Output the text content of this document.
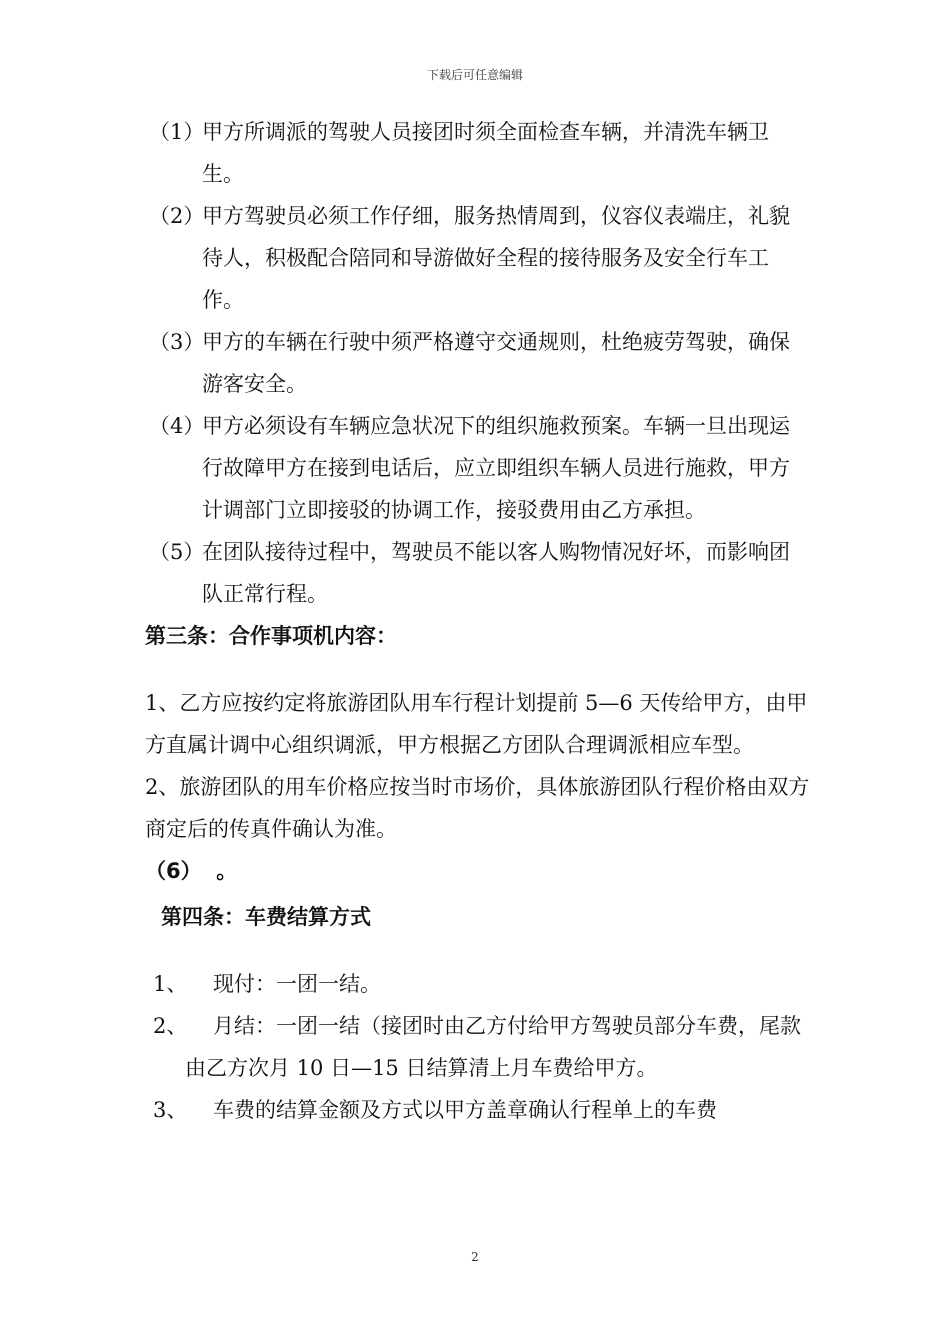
下载后可任意编辑
（1）
甲方所调派的驾驶人员接团时须全面检查车辆，并清洗车辆卫生。
（2）
甲方驾驶员必须工作仔细，服务热情周到，仪容仪表端庄，礼貌待人，积极配合陪同和导游做好全程的接待服务及安全行车工作。
（3）
甲方的车辆在行驶中须严格遵守交通规则，杜绝疲劳驾驶，确保游客安全。
（4）
甲方必须设有车辆应急状况下的组织施救预案。车辆一旦出现运行故障甲方在接到电话后，应立即组织车辆人员进行施救，甲方计调部门立即接驳的协调工作，接驳费用由乙方承担。
（5）
在团队接待过程中，驾驶员不能以客人购物情况好坏，而影响团队正常行程。
第三条：合作事项机内容：
1、乙方应按约定将旅游团队用车行程计划提前 5—6 天传给甲方，由甲方直属计调中心组织调派，甲方根据乙方团队合理调派相应车型。
2、旅游团队的用车价格应按当时市场价，具体旅游团队行程价格由双方商定后的传真件确认为准。
（6）  。
第四条：车费结算方式
1、 现付：一团一结。
2、 月结：一团一结（接团时由乙方付给甲方驾驶员部分车费，尾款由乙方次月 10 日—15 日结算清上月车费给甲方。
3、 车费的结算金额及方式以甲方盖章确认行程单上的车费
2
